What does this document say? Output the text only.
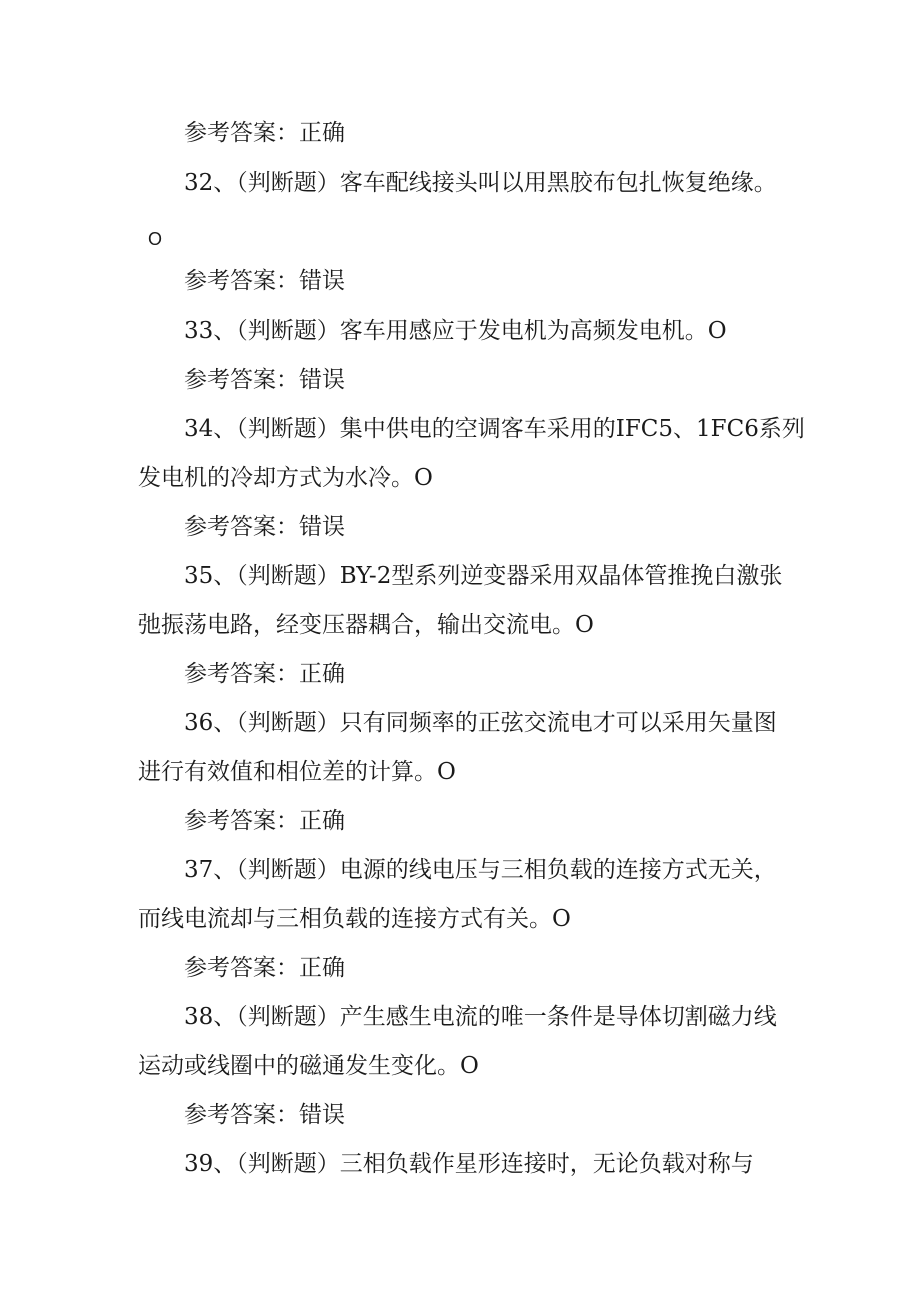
参考答案：正确
32、（判断题）客车配线接头叫以用黑胶布包扎恢复绝缘。
O
参考答案：错误
33、（判断题）客车用感应于发电机为高频发电机。O
参考答案：错误
34、（判断题）集中供电的空调客车采用的IFC5、1FC6系列
发电机的冷却方式为水冷。O
参考答案：错误
35、（判断题）BY-2型系列逆变器采用双晶体管推挽白激张
弛振荡电路，经变压器耦合，输出交流电。O
参考答案：正确
36、（判断题）只有同频率的正弦交流电才可以采用矢量图
进行有效值和相位差的计算。O
参考答案：正确
37、（判断题）电源的线电压与三相负载的连接方式无关，
而线电流却与三相负载的连接方式有关。O
参考答案：正确
38、（判断题）产生感生电流的唯一条件是导体切割磁力线
运动或线圈中的磁通发生变化。O
参考答案：错误
39、（判断题）三相负载作星形连接时，无论负载对称与
